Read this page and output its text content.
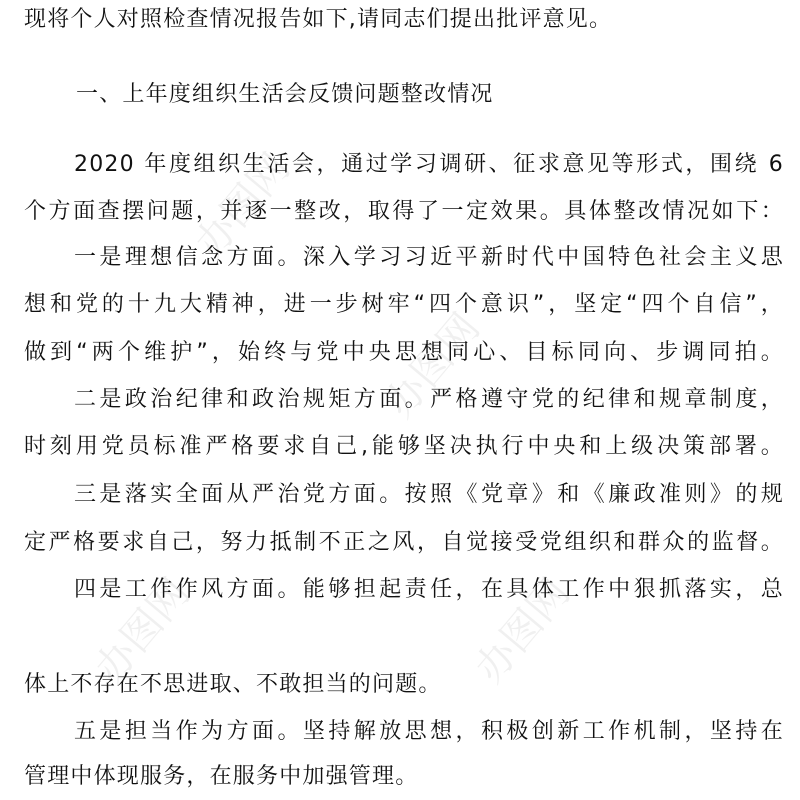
办图网
办图网
办图网	办图网
现将个人对照检查情况报告如下,请同志们提出批评意见。
一、上年度组织生活会反馈问题整改情况
2020 年度组织生活会，通过学习调研、征求意见等形式，围绕 6
个方面查摆问题，并逐一整改，取得了一定效果。具体整改情况如下：
一是理想信念方面。深入学习习近平新时代中国特色社会主义思
想和党的十九大精神，进一步树牢“四个意识”，坚定“四个自信”，
做到“两个维护”，始终与党中央思想同心、目标同向、步调同拍。
二是政治纪律和政治规矩方面。严格遵守党的纪律和规章制度，
时刻用党员标准严格要求自己,能够坚决执行中央和上级决策部署。
三是落实全面从严治党方面。按照《党章》和《廉政准则》的规
定严格要求自己，努力抵制不正之风，自觉接受党组织和群众的监督。
四是工作作风方面。能够担起责任，在具体工作中狠抓落实，总
体上不存在不思进取、不敢担当的问题。
五是担当作为方面。坚持解放思想，积极创新工作机制，坚持在
管理中体现服务，在服务中加强管理。
